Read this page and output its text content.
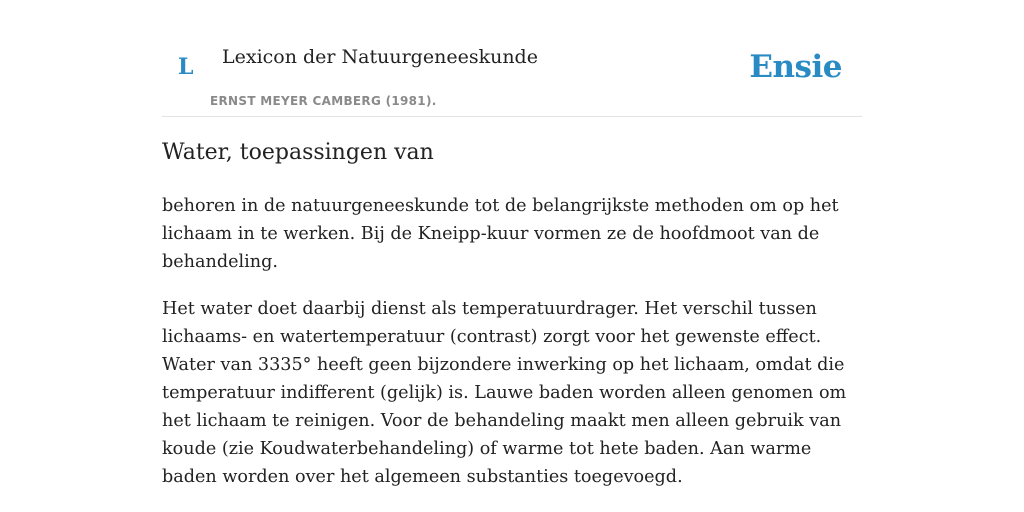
L Lexicon der Natuurgeneeskunde
ERNST MEYER CAMBERG (1981).
Ensie
Water, toepassingen van

behoren in de natuurgeneeskunde tot de belangrijkste methoden om op het lichaam in te werken. Bij de Kneipp-kuur vormen ze de hoofdmoot van de behandeling.

Het water doet daarbij dienst als temperatuurdrager. Het verschil tussen lichaams- en watertemperatuur (contrast) zorgt voor het gewenste effect. Water van 3335° heeft geen bijzondere inwerking op het lichaam, omdat die temperatuur indifferent (gelijk) is. Lauwe baden worden alleen genomen om het lichaam te reinigen. Voor de behandeling maakt men alleen gebruik van koude (zie Koudwaterbehandeling) of warme tot hete baden. Aan warme baden worden over het algemeen substanties toegevoegd.
